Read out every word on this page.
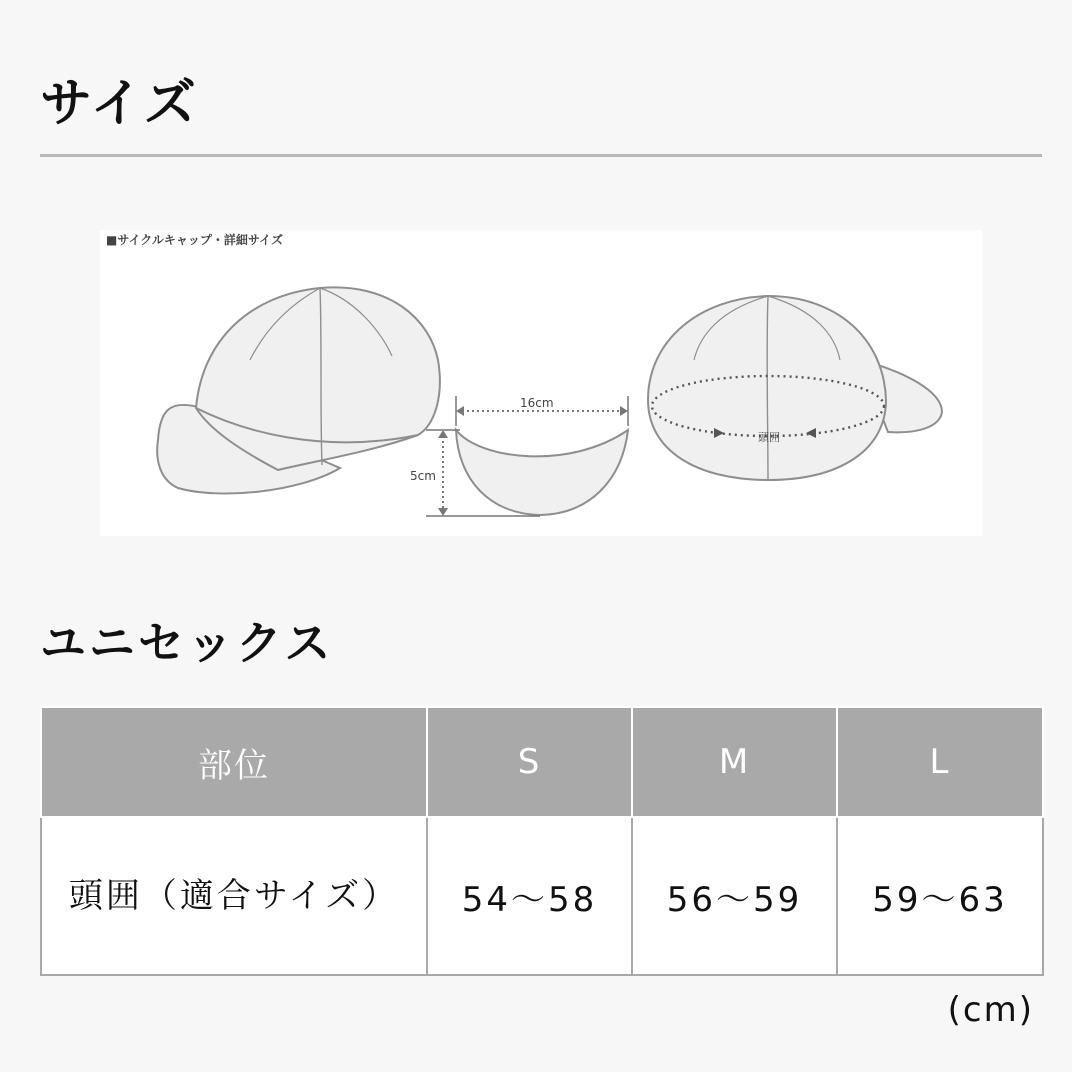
サイズ
■サイクルキャップ・詳細サイズ
16cm
5cm
頭囲
ユニセックス
部位	S	M	L
頭囲（適合サイズ）	54〜58	56〜59	59〜63
(cm)
